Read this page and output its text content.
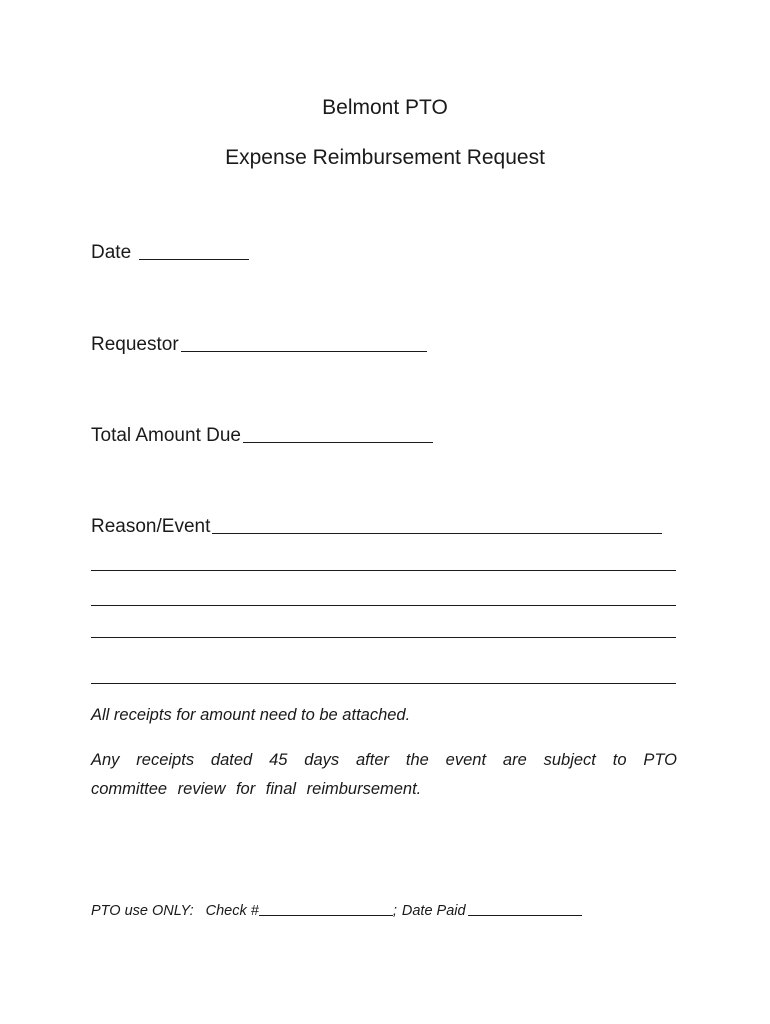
Belmont PTO
Expense Reimbursement Request
Date
Requestor
Total Amount Due
Reason/Event

All receipts for amount need to be attached.

Any receipts dated 45 days after the event are subject to PTO committee review for final reimbursement.

PTO use ONLY: Check #	; Date Paid
